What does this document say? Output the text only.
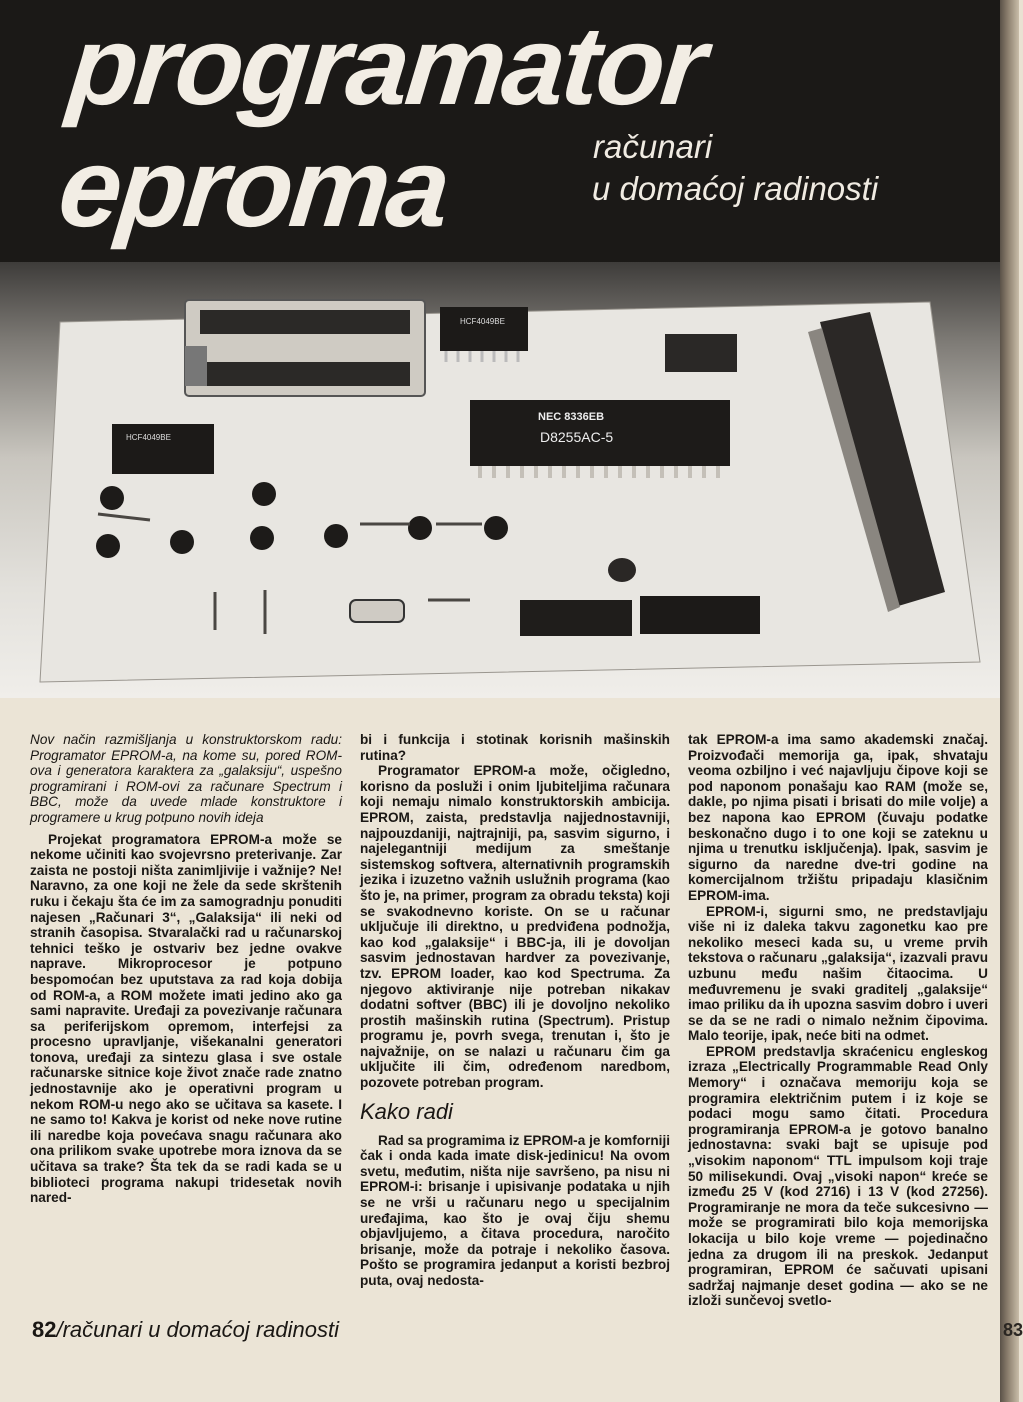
programator
eproma	računari
u domaćoj radinosti
HCF4049BE
NEC 8336EB
D8255AC-5
HCF4049BE

Nov način razmišljanja u konstruktorskom radu: Programator EPROM-a, na kome su, pored ROM-ova i generatora karaktera za „galaksiju“, uspešno programirani i ROM-ovi za računare Spectrum i BBC, može da uvede mlade konstruktore i programere u krug potpuno novih ideja

Projekat programatora EPROM-a može se nekome učiniti kao svojevrsno preterivanje. Zar zaista ne postoji ništa zanimljivije i važnije? Ne! Naravno, za one koji ne žele da sede skrštenih ruku i čekaju šta će im za samogradnju ponuditi najesen „Računari 3“, „Galaksija“ ili neki od stranih časopisa. Stvaralački rad u računarskoj tehnici teško je ostvariv bez jedne ovakve naprave. Mikroprocesor je potpuno bespomoćan bez uputstava za rad koja dobija od ROM-a, a ROM možete imati jedino ako ga sami napravite. Uređaji za povezivanje računara sa periferijskom opremom, interfejsi za procesno upravljanje, višekanalni generatori tonova, uređaji za sintezu glasa i sve ostale računarske sitnice koje život znače rade znatno jednostavnije ako je operativni program u nekom ROM-u nego ako se učitava sa kasete. I ne samo to! Kakva je korist od neke nove rutine ili naredbe koja povećava snagu računara ako ona prilikom svake upotrebe mora iznova da se učitava sa trake? Šta tek da se radi kada se u biblioteci programa nakupi tridesetak novih nared-

bi i funkcija i stotinak korisnih mašinskih rutina?

Programator EPROM-a može, očigledno, korisno da posluži i onim ljubiteljima računara koji nemaju nimalo konstruktorskih ambicija. EPROM, zaista, predstavlja najjednostavniji, najpouzdaniji, najtrajniji, pa, sasvim sigurno, i najelegantniji medijum za smeštanje sistemskog softvera, alternativnih programskih jezika i izuzetno važnih uslužnih programa (kao što je, na primer, program za obradu teksta) koji se svakodnevno koriste. On se u računar uključuje ili direktno, u predviđena podnožja, kao kod „galaksije“ i BBC-ja, ili je dovoljan sasvim jednostavan hardver za povezivanje, tzv. EPROM loader, kao kod Spectruma. Za njegovo aktiviranje nije potreban nikakav dodatni softver (BBC) ili je dovoljno nekoliko prostih mašinskih rutina (Spectrum). Pristup programu je, povrh svega, trenutan i, što je najvažnije, on se nalazi u računaru čim ga uključite ili čim, određenom naredbom, pozovete potreban program.

Kako radi

Rad sa programima iz EPROM-a je komforniji čak i onda kada imate disk-jedinicu! Na ovom svetu, međutim, ništa nije savršeno, pa nisu ni EPROM-i: brisanje i upisivanje podataka u njih se ne vrši u računaru nego u specijalnim uređajima, kao što je ovaj čiju shemu objavljujemo, a čitava procedura, naročito brisanje, može da potraje i nekoliko časova. Pošto se programira jedanput a koristi bezbroj puta, ovaj nedosta-

tak EPROM-a ima samo akademski značaj. Proizvođači memorija ga, ipak, shvataju veoma ozbiljno i već najavljuju čipove koji se pod naponom ponašaju kao RAM (može se, dakle, po njima pisati i brisati do mile volje) a bez napona kao EPROM (čuvaju podatke beskonačno dugo i to one koji se zateknu u njima u trenutku isključenja). Ipak, sasvim je sigurno da naredne dve-tri godine na komercijalnom tržištu pripadaju klasičnim EPROM-ima.

EPROM-i, sigurni smo, ne predstavljaju više ni iz daleka takvu zagonetku kao pre nekoliko meseci kada su, u vreme prvih tekstova o računaru „galaksija“, izazvali pravu uzbunu među našim čitaocima. U međuvremenu je svaki graditelj „galaksije“ imao priliku da ih upozna sasvim dobro i uveri se da se ne radi o nimalo nežnim čipovima. Malo teorije, ipak, neće biti na odmet.

EPROM predstavlja skraćenicu engleskog izraza „Electrically Programmable Read Only Memory“ i označava memoriju koja se programira električnim putem i iz koje se podaci mogu samo čitati. Procedura programiranja EPROM-a je gotovo banalno jednostavna: svaki bajt se upisuje pod „visokim naponom“ TTL impulsom koji traje 50 milisekundi. Ovaj „visoki napon“ kreće se između 25 V (kod 2716) i 13 V (kod 27256). Programiranje ne mora da teče sukcesivno — može se programirati bilo koja memorijska lokacija u bilo koje vreme — pojedinačno jedna za drugom ili na preskok. Jedanput programiran, EPROM će sačuvati upisani sadržaj najmanje deset godina — ako se ne izloži sunčevoj svetlo-

82/računari u domaćoj radinosti	83
